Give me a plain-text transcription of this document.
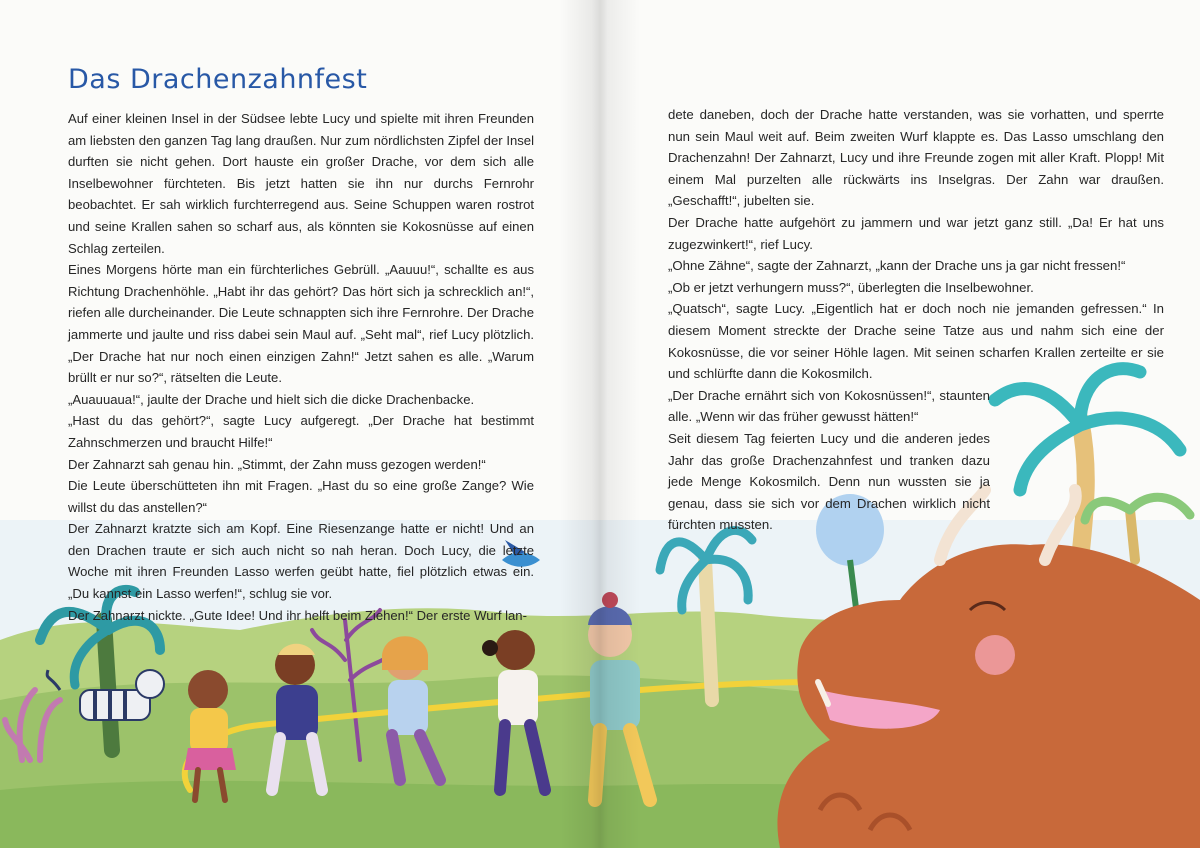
Das Drachenzahnfest

Auf einer kleinen Insel in der Südsee lebte Lucy und spielte mit ihren Freunden am liebsten den ganzen Tag lang draußen. Nur zum nördlichsten Zipfel der Insel durften sie nicht gehen. Dort hauste ein großer Drache, vor dem sich alle Inselbewohner fürchteten. Bis jetzt hatten sie ihn nur durchs Fernrohr beobachtet. Er sah wirklich furchterregend aus. Seine Schuppen waren rostrot und seine Krallen sahen so scharf aus, als könnten sie Kokosnüsse auf einen Schlag zerteilen.

Eines Morgens hörte man ein fürchterliches Gebrüll. „Aauuu!“, schallte es aus Richtung Drachenhöhle. „Habt ihr das gehört? Das hört sich ja schrecklich an!“, riefen alle durcheinander. Die Leute schnappten sich ihre Fernrohre. Der Drache jammerte und jaulte und riss dabei sein Maul auf. „Seht mal“, rief Lucy plötzlich. „Der Drache hat nur noch einen einzigen Zahn!“ Jetzt sahen es alle. „Warum brüllt er nur so?“, rätselten die Leute.

„Auauuaua!“, jaulte der Drache und hielt sich die dicke Drachenbacke.

„Hast du das gehört?“, sagte Lucy aufgeregt. „Der Drache hat bestimmt Zahnschmerzen und braucht Hilfe!“

Der Zahnarzt sah genau hin. „Stimmt, der Zahn muss gezogen werden!“

Die Leute überschütteten ihn mit Fragen. „Hast du so eine große Zange? Wie willst du das anstellen?“

Der Zahnarzt kratzte sich am Kopf. Eine Riesenzange hatte er nicht! Und an den Drachen traute er sich auch nicht so nah heran. Doch Lucy, die letzte Woche mit ihren Freunden Lasso werfen geübt hatte, fiel plötzlich etwas ein. „Du kannst ein Lasso werfen!“, schlug sie vor.

Der Zahnarzt nickte. „Gute Idee! Und ihr helft beim Ziehen!“ Der erste Wurf lan-

dete daneben, doch der Drache hatte verstanden, was sie vorhatten, und sperrte nun sein Maul weit auf. Beim zweiten Wurf klappte es. Das Lasso umschlang den Drachenzahn! Der Zahnarzt, Lucy und ihre Freunde zogen mit aller Kraft. Plopp! Mit einem Mal purzelten alle rückwärts ins Inselgras. Der Zahn war draußen. „Geschafft!“, jubelten sie.

Der Drache hatte aufgehört zu jammern und war jetzt ganz still. „Da! Er hat uns zugezwinkert!“, rief Lucy.

„Ohne Zähne“, sagte der Zahnarzt, „kann der Drache uns ja gar nicht fressen!“

„Ob er jetzt verhungern muss?“, überlegten die Inselbewohner.

„Quatsch“, sagte Lucy. „Eigentlich hat er doch noch nie jemanden gefressen.“ In diesem Moment streckte der Drache seine Tatze aus und nahm sich eine der Kokosnüsse, die vor seiner Höhle lagen. Mit seinen scharfen Krallen zerteilte er sie und schlürfte dann die Kokosmilch.

„Der Drache ernährt sich von Kokosnüssen!“, staunten alle. „Wenn wir das früher gewusst hätten!“

Seit diesem Tag feierten Lucy und die anderen jedes Jahr das große Drachenzahnfest und tranken dazu jede Menge Kokosmilch. Denn nun wussten sie ja genau, dass sie sich vor dem Drachen wirklich nicht fürchten mussten.
